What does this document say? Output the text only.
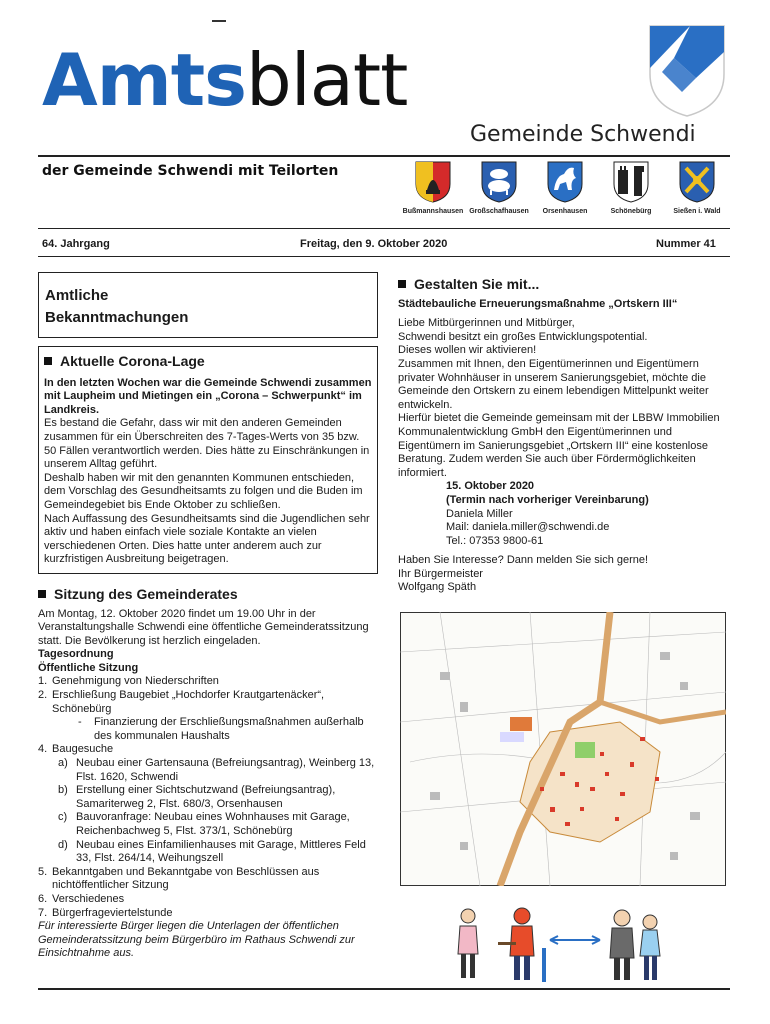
Amtsblatt
Gemeinde Schwendi
der Gemeinde Schwendi mit Teilorten
Bußmannshausen Großschafhausen	Orsenhausen	Schönebürg	Sießen i. Wald
64. Jahrgang	Freitag, den 9. Oktober 2020	Nummer 41
Amtliche
Bekanntmachungen

Aktuelle Corona-Lage

In den letzten Wochen war die Gemeinde Schwendi zusammen mit Laupheim und Mietingen ein „Corona – Schwerpunkt“ im Landkreis.

Es bestand die Gefahr, dass wir mit den anderen Gemeinden zusammen für ein Überschreiten des 7-Tages-Werts von 35 bzw. 50 Fällen verantwortlich werden. Dies hätte zu Einschränkungen in unserem Alltag geführt.

Deshalb haben wir mit den genannten Kommunen entschieden, dem Vorschlag des Gesundheitsamts zu folgen und die Buden im Gemeindegebiet bis Ende Oktober zu schließen.

Nach Auffassung des Gesundheitsamts sind die Jugendlichen sehr aktiv und haben einfach viele soziale Kontakte an vielen verschiedenen Orten. Dies hatte unter anderem auch zur kurzfristigen Ausbreitung beigetragen.

Sitzung des Gemeinderates

Am Montag, 12. Oktober 2020 findet um 19.00 Uhr in der Veranstaltungshalle Schwendi eine öffentliche Gemeinderatssitzung statt. Die Bevölkerung ist herzlich eingeladen.

Tagesordnung

Öffentliche Sitzung

1. Genehmigung von Niederschriften
2. Erschließung Baugebiet „Hochdorfer Krautgartenäcker“, Schönebürg
- Finanzierung der Erschließungsmaßnahmen außerhalb des kommunalen Haushalts
4. Baugesuche
a) Neubau einer Gartensauna (Befreiungsantrag), Weinberg 13, Flst. 1620, Schwendi
b) Erstellung einer Sichtschutzwand (Befreiungsantrag), Samariterweg 2, Flst. 680/3, Orsenhausen
c) Bauvoranfrage: Neubau eines Wohnhauses mit Garage, Reichenbachweg 5, Flst. 373/1, Schönebürg
d) Neubau eines Einfamilienhauses mit Garage, Mittleres Feld 33, Flst. 264/14, Weihungszell
5. Bekanntgaben und Bekanntgabe von Beschlüssen aus nichtöffentlicher Sitzung
6. Verschiedenes
7. Bürgerfrageviertelstunde

Für interessierte Bürger liegen die Unterlagen der öffentlichen Gemeinderatssitzung beim Bürgerbüro im Rathaus Schwendi zur Einsichtnahme aus.

Gestalten Sie mit...

Städtebauliche Erneuerungsmaßnahme „Ortskern III“

Liebe Mitbürgerinnen und Mitbürger,

Schwendi besitzt ein großes Entwicklungspotential.

Dieses wollen wir aktivieren!

Zusammen mit Ihnen, den Eigentümerinnen und Eigentümern privater Wohnhäuser in unserem Sanierungsgebiet, möchte die Gemeinde den Ortskern zu einem lebendigen Mittelpunkt weiter entwickeln.

Hierfür bietet die Gemeinde gemeinsam mit der LBBW Immobilien Kommunalentwicklung GmbH den Eigentümerinnen und Eigentümern im Sanierungsgebiet „Ortskern III“ eine kostenlose Beratung. Zudem werden Sie auch über Fördermöglichkeiten informiert.

15. Oktober 2020

(Termin nach vorheriger Vereinbarung)

Daniela Miller

Mail: daniela.miller@schwendi.de

Tel.: 07353 9800-61

Haben Sie Interesse? Dann melden Sie sich gerne!

Ihr Bürgermeister

Wolfgang Späth
